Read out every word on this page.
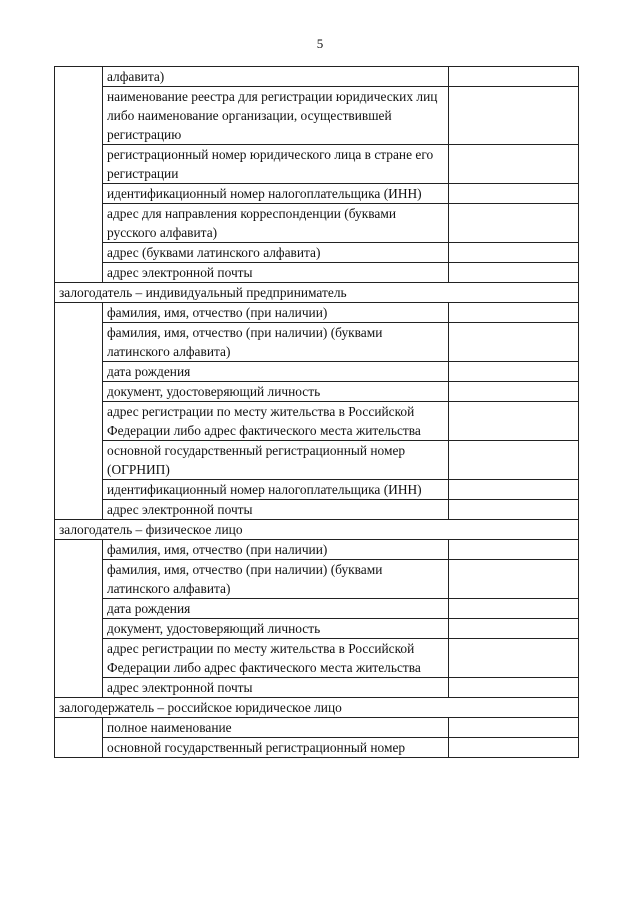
5
	алфавита)	
	наименование реестра для регистрации юридических лиц либо наименование организации, осуществившей регистрацию	
	регистрационный номер юридического лица в стране его регистрации	
	идентификационный номер налогоплательщика (ИНН)	
	адрес для направления корреспонденции (буквами русского алфавита)	
	адрес (буквами латинского алфавита)	
	адрес электронной почты	
залогодатель – индивидуальный предприниматель		
	фамилия, имя, отчество (при наличии)	
	фамилия, имя, отчество (при наличии) (буквами латинского алфавита)	
	дата рождения	
	документ, удостоверяющий личность	
	адрес регистрации по месту жительства в Российской Федерации либо адрес фактического места жительства	
	основной государственный регистрационный номер (ОГРНИП)	
	идентификационный номер налогоплательщика (ИНН)	
	адрес электронной почты	
залогодатель – физическое лицо		
	фамилия, имя, отчество (при наличии)	
	фамилия, имя, отчество (при наличии) (буквами латинского алфавита)	
	дата рождения	
	документ, удостоверяющий личность	
	адрес регистрации по месту жительства в Российской Федерации либо адрес фактического места жительства	
	адрес электронной почты	
залогодержатель – российское юридическое лицо		
	полное наименование	
	основной государственный регистрационный номер	
